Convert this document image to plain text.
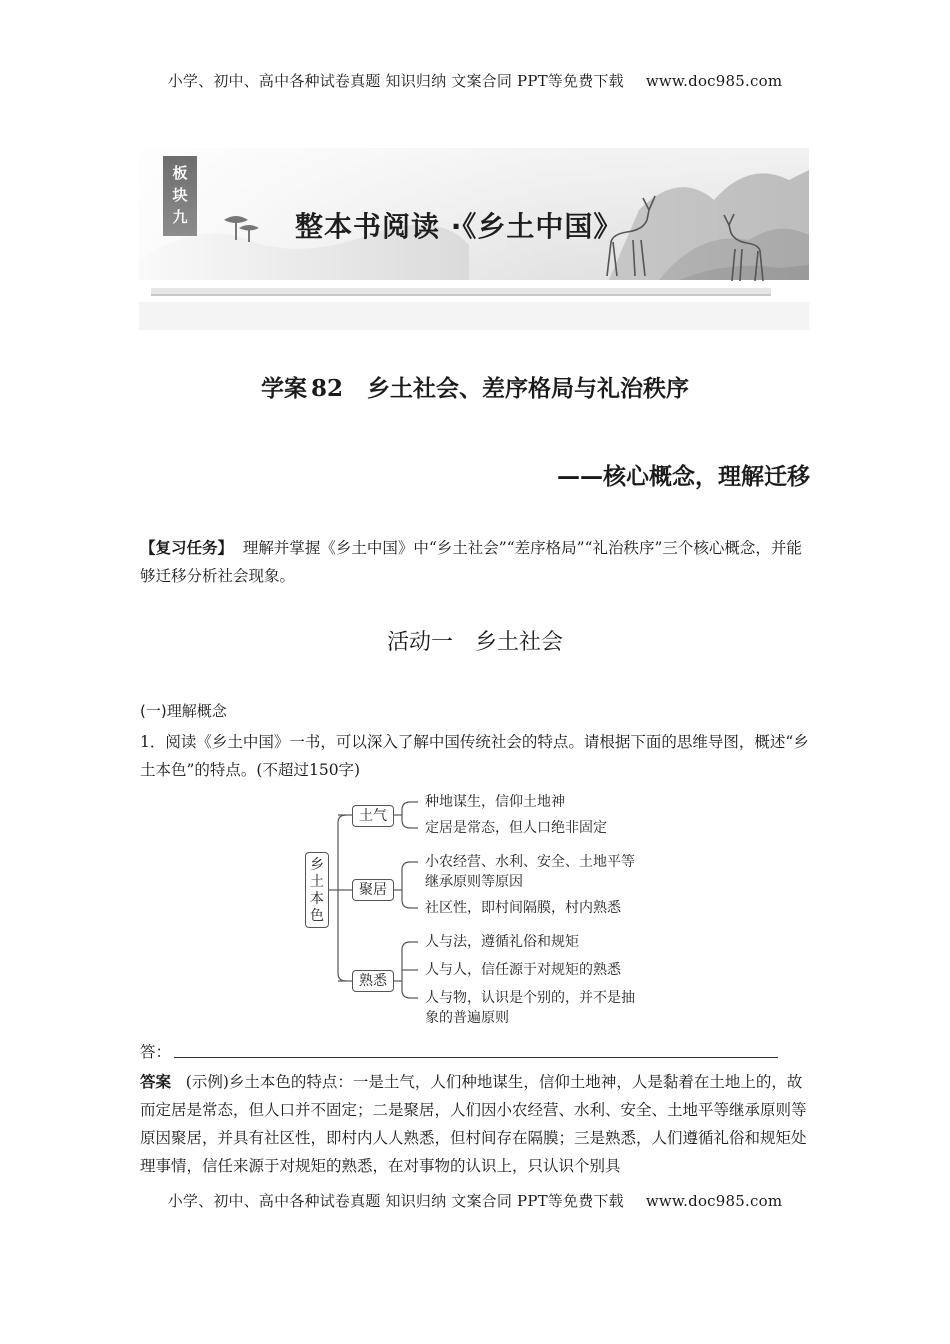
小学、初中、高中各种试卷真题 知识归纳 文案合同 PPT等免费下载 www.doc985.com
板块九	整本书阅读 ·《乡土中国》
学案 82 乡土社会、差序格局与礼治秩序
——核心概念，理解迁移
【复习任务】 理解并掌握《乡土中国》中“乡土社会”“差序格局”“礼治秩序”三个核心概念，并能够迁移分析社会现象。
活动一　乡土社会
(一)理解概念
1．阅读《乡土中国》一书，可以深入了解中国传统社会的特点。请根据下面的思维导图，概述“乡土本色”的特点。(不超过150字)
乡
土
本
色
土气
种地谋生，信仰土地神
定居是常态，但人口绝非固定
聚居
小农经营、水利、安全、土地平等
继承原则等原因
社区性，即村间隔膜，村内熟悉
熟悉
人与法，遵循礼俗和规矩
人与人，信任源于对规矩的熟悉
人与物，认识是个别的，并不是抽
象的普遍原则
答：
答案 (示例)乡土本色的特点：一是土气，人们种地谋生，信仰土地神，人是黏着在土地上的，故而定居是常态，但人口并不固定；二是聚居，人们因小农经营、水利、安全、土地平等继承原则等原因聚居，并具有社区性，即村内人人熟悉，但村间存在隔膜；三是熟悉，人们遵循礼俗和规矩处理事情，信任来源于对规矩的熟悉，在对事物的认识上，只认识个别具
小学、初中、高中各种试卷真题 知识归纳 文案合同 PPT等免费下载 www.doc985.com
